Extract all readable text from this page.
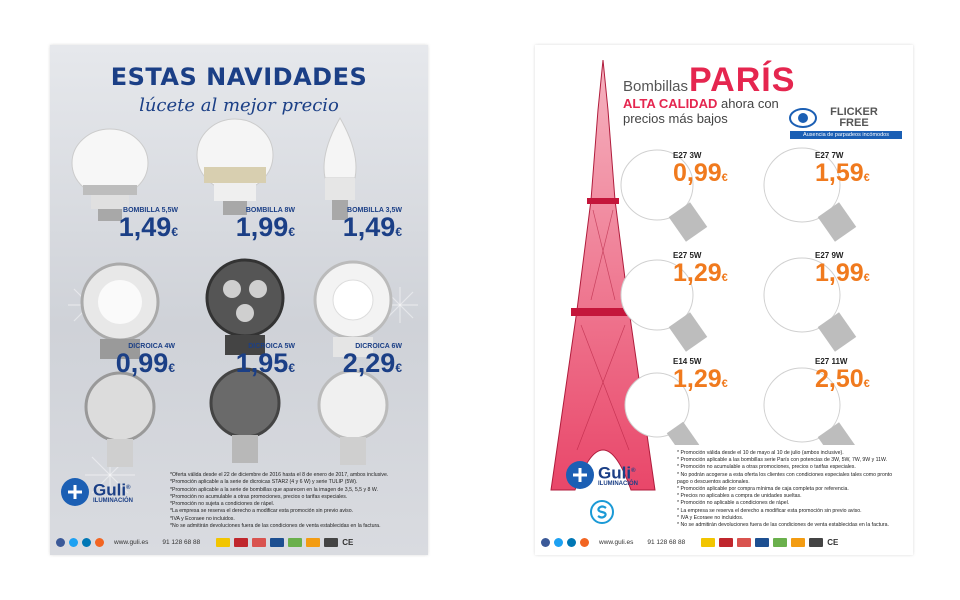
ESTAS NAVIDADES
lúcete al mejor precio
BOMBILLA 5,5W
1,49€
BOMBILLA 8W
1,99€
BOMBILLA 3,5W
1,49€
DICROICA 4W
0,99€
DICROICA 5W
1,95€
DICROICA 6W
2,29€
*Oferta válida desde el 22 de diciembre de 2016 hasta el 8 de enero de 2017, ambos inclusive.
*Promoción aplicable a la serie de dicroicas STAR2 (4 y 6 W) y serie TULIP (5W).
*Promoción aplicable a la serie de bombillas que aparecen en la imagen de 3,5, 5,5 y 8 W.
*Promoción no acumulable a otras promociones, precios o tarifas especiales.
*Promoción no sujeta a condiciones de rápel.
*La empresa se reserva el derecho a modificar esta promoción sin previo aviso.
*IVA y Ecoraee no incluidos.
*No se admitirán devoluciones fuera de las condiciones de venta establecidas en la factura.
Guli®
ILUMINACIÓN
www.guli.es 91 128 68 88	CE
Bombillas PARÍS
ALTA CALIDAD ahora con
precios más bajos	FLICKER
FREE
Ausencia de parpadeos incómodos
E27 3W
0,99€
E27 7W
1,59€
E27 5W
1,29€
E27 9W
1,99€
E14 5W
1,29€
E27 11W
2,50€
* Promoción válida desde el 10 de mayo al 10 de julio (ambos inclusive).
* Promoción aplicable a las bombillas serie París con potencias de 3W, 5W, 7W, 9W y 11W.
* Promoción no acumulable a otras promociones, precios o tarifas especiales.
* No podrán acogerse a esta oferta los clientes con condiciones especiales tales como pronto
pago o descuentos adicionales.
* Promoción aplicable por compra mínima de caja completa por referencia.
* Precios no aplicables a compra de unidades sueltas.
* Promoción no aplicable a condiciones de rápel.
* La empresa se reserva el derecho a modificar esta promoción sin previo aviso.
* IVA y Ecoraee no incluidos.
* No se admitirán devoluciones fuera de las condiciones de venta establecidas en la factura.
Guli®
ILUMINACIÓN
www.guli.es 91 128 68 88	CE
